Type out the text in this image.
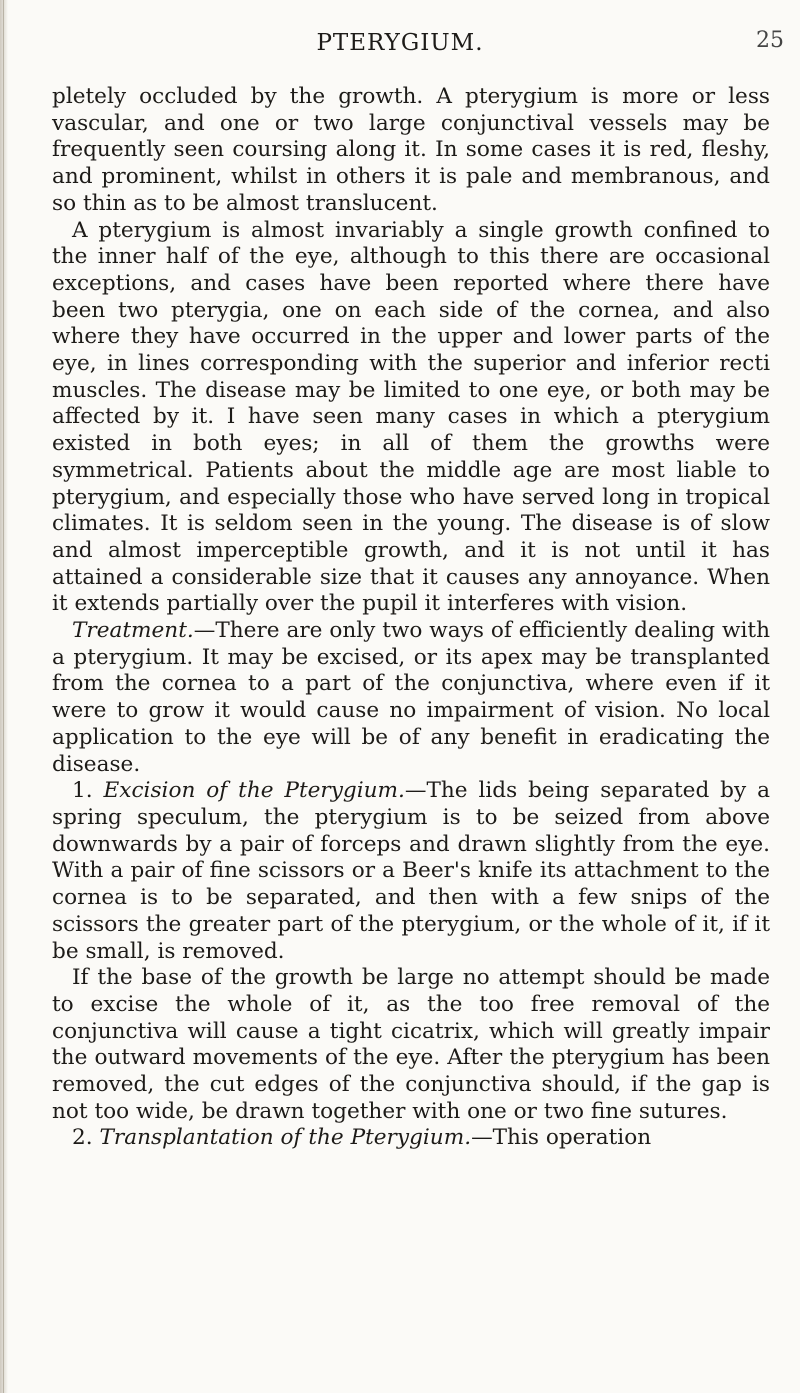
PTERYGIUM.	25

pletely occluded by the growth. A pterygium is more or less vascular, and one or two large conjunctival vessels may be frequently seen coursing along it. In some cases it is red, fleshy, and prominent, whilst in others it is pale and membranous, and so thin as to be almost translucent.

A pterygium is almost invariably a single growth confined to the inner half of the eye, although to this there are occasional exceptions, and cases have been reported where there have been two pterygia, one on each side of the cornea, and also where they have occurred in the upper and lower parts of the eye, in lines corresponding with the superior and inferior recti muscles. The disease may be limited to one eye, or both may be affected by it. I have seen many cases in which a pterygium existed in both eyes; in all of them the growths were symmetrical. Patients about the middle age are most liable to pterygium, and especially those who have served long in tropical climates. It is seldom seen in the young. The disease is of slow and almost imperceptible growth, and it is not until it has attained a considerable size that it causes any annoyance. When it extends partially over the pupil it interferes with vision.

Treatment.—There are only two ways of efficiently dealing with a pterygium. It may be excised, or its apex may be transplanted from the cornea to a part of the conjunctiva, where even if it were to grow it would cause no impairment of vision. No local application to the eye will be of any benefit in eradicating the disease.

1. Excision of the Pterygium.—The lids being separated by a spring speculum, the pterygium is to be seized from above downwards by a pair of forceps and drawn slightly from the eye. With a pair of fine scissors or a Beer's knife its attachment to the cornea is to be separated, and then with a few snips of the scissors the greater part of the pterygium, or the whole of it, if it be small, is removed.

If the base of the growth be large no attempt should be made to excise the whole of it, as the too free removal of the conjunctiva will cause a tight cicatrix, which will greatly impair the outward movements of the eye. After the pterygium has been removed, the cut edges of the conjunctiva should, if the gap is not too wide, be drawn together with one or two fine sutures.

2. Transplantation of the Pterygium.—This operation
